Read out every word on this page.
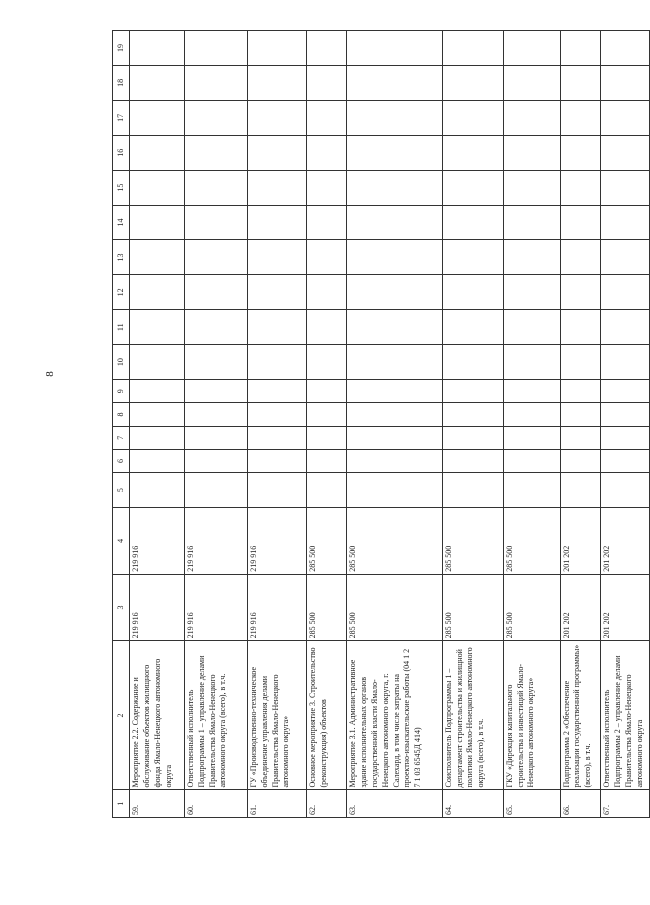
8
1	2	3	4	5	6	7	8	9	10	11	12	13	14	15	16	17	18	19
59.	Мероприятие 2.2. Содержание и обслуживание объектов жилищного фонда Ямало-Ненецкого автономного округа	219 916	219 916															
60.	Ответственный исполнитель Подпрограммы 1 – управление делами Правительства Ямало-Ненецкого автономного округа (всего), в т.ч.	219 916	219 916															
61.	ГУ «Производственно-техническое объединение управления делами Правительства Ямало-Ненецкого автономного округа»	219 916	219 916															
62.	Основное мероприятие 3. Строительство (реконструкция) объектов	285 500	285 500															
63.	Мероприятие 3.1. Административное здание исполнительных органов государственной власти Ямало-Ненецкого автономного округа, г. Салехард, в том числе затраты на проектно-изыскательские работы (04 1 2 7 1 03 6545Д 414)	285 500	285 500															
64.	Соисполнитель Подпрограммы 1 – департамент строительства и жилищной политики Ямало-Ненецкого автономного округа (всего), в т.ч.	285 500	285 500															
65.	ГКУ «Дирекция капитального строительства и инвестиций Ямало-Ненецкого автономного округа»	285 500	285 500															
66.	Подпрограмма 2 «Обеспечение реализации государственной программы» (всего), в т.ч.	201 202	201 202															
67.	Ответственный исполнитель Подпрограммы 2 – управление делами Правительства Ямало-Ненецкого автономного округа	201 202	201 202															
